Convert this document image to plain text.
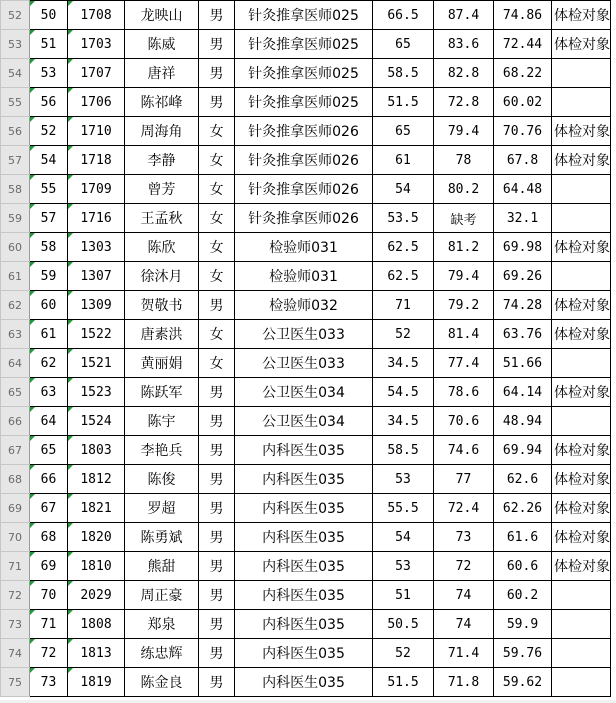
52	50	1708	龙映山	男	针灸推拿医师025	66.5	87.4	74.86	体检对象
53	51	1703	陈威	男	针灸推拿医师025	65	83.6	72.44	体检对象
54	53	1707	唐祥	男	针灸推拿医师025	58.5	82.8	68.22	
55	56	1706	陈祁峰	男	针灸推拿医师025	51.5	72.8	60.02	
56	52	1710	周海角	女	针灸推拿医师026	65	79.4	70.76	体检对象
57	54	1718	李静	女	针灸推拿医师026	61	78	67.8	体检对象
58	55	1709	曾芳	女	针灸推拿医师026	54	80.2	64.48	
59	57	1716	王孟秋	女	针灸推拿医师026	53.5	缺考	32.1	
60	58	1303	陈欣	女	检验师031	62.5	81.2	69.98	体检对象
61	59	1307	徐沐月	女	检验师031	62.5	79.4	69.26	
62	60	1309	贺敬书	男	检验师032	71	79.2	74.28	体检对象
63	61	1522	唐素洪	女	公卫医生033	52	81.4	63.76	体检对象
64	62	1521	黄丽娟	女	公卫医生033	34.5	77.4	51.66	
65	63	1523	陈跃军	男	公卫医生034	54.5	78.6	64.14	体检对象
66	64	1524	陈宇	男	公卫医生034	34.5	70.6	48.94	
67	65	1803	李艳兵	男	内科医生035	58.5	74.6	69.94	体检对象
68	66	1812	陈俊	男	内科医生035	53	77	62.6	体检对象
69	67	1821	罗超	男	内科医生035	55.5	72.4	62.26	体检对象
70	68	1820	陈勇斌	男	内科医生035	54	73	61.6	体检对象
71	69	1810	熊甜	男	内科医生035	53	72	60.6	体检对象
72	70	2029	周正豪	男	内科医生035	51	74	60.2	
73	71	1808	郑泉	男	内科医生035	50.5	74	59.9	
74	72	1813	练忠辉	男	内科医生035	52	71.4	59.76	
75	73	1819	陈金良	男	内科医生035	51.5	71.8	59.62	
